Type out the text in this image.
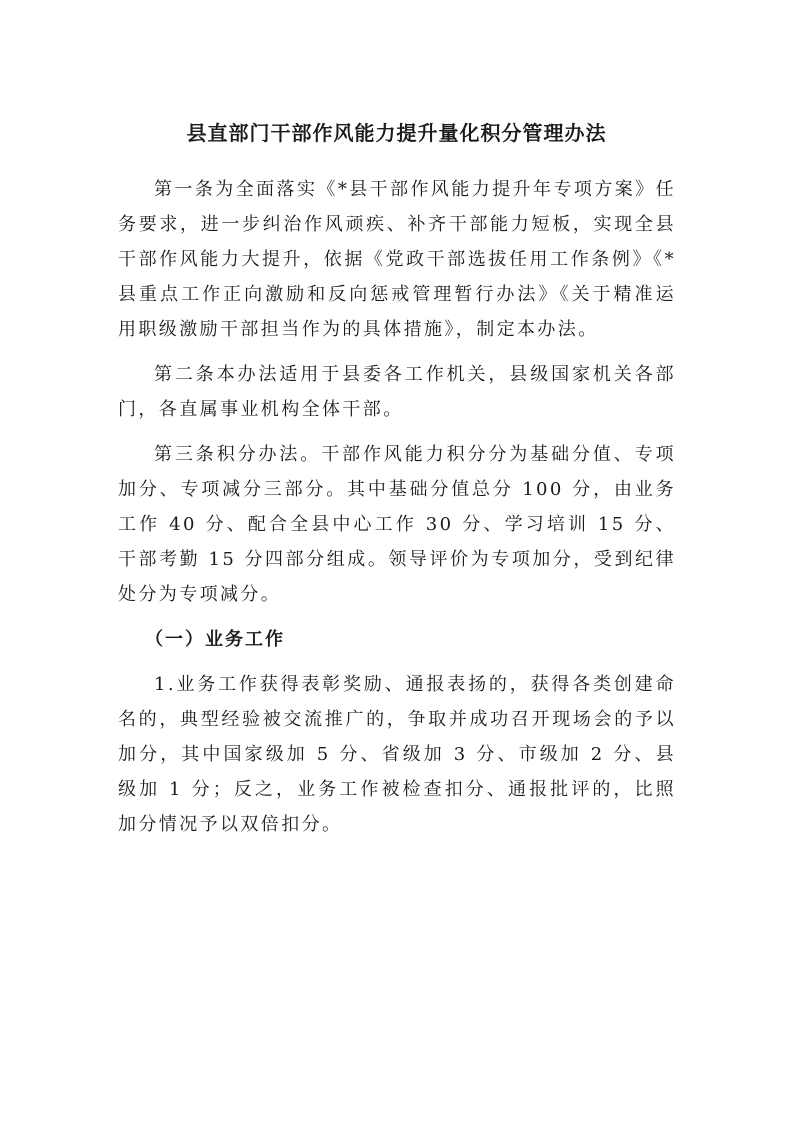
县直部门干部作风能力提升量化积分管理办法

第一条为全面落实《*县干部作风能力提升年专项方案》任务要求，进一步纠治作风顽疾、补齐干部能力短板，实现全县干部作风能力大提升，依据《党政干部选拔任用工作条例》《*县重点工作正向激励和反向惩戒管理暂行办法》《关于精准运用职级激励干部担当作为的具体措施》，制定本办法。

第二条本办法适用于县委各工作机关，县级国家机关各部门，各直属事业机构全体干部。

第三条积分办法。干部作风能力积分分为基础分值、专项加分、专项减分三部分。其中基础分值总分 100 分，由业务工作 40 分、配合全县中心工作 30 分、学习培训 15 分、干部考勤 15 分四部分组成。领导评价为专项加分，受到纪律处分为专项减分。

（一）业务工作

1.业务工作获得表彰奖励、通报表扬的，获得各类创建命名的，典型经验被交流推广的，争取并成功召开现场会的予以加分，其中国家级加 5 分、省级加 3 分、市级加 2 分、县级加 1 分；反之，业务工作被检查扣分、通报批评的，比照加分情况予以双倍扣分。
